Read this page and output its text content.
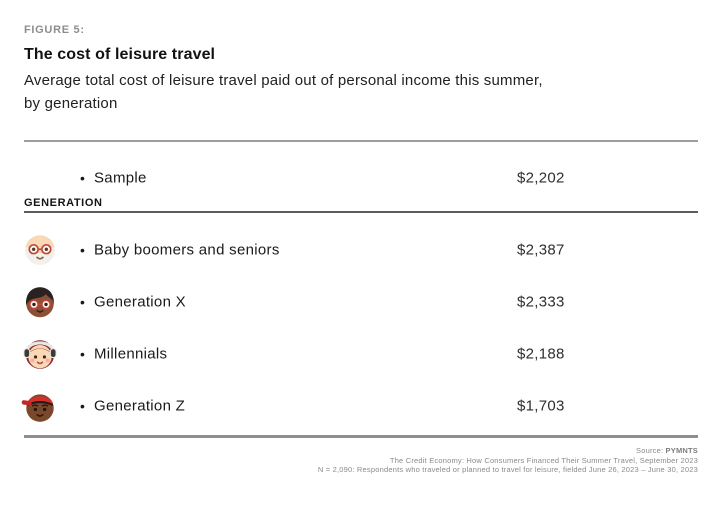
FIGURE 5:
The cost of leisure travel
Average total cost of leisure travel paid out of personal income this summer,
by generation
•
Sample	$2,202
GENERATION
•
Baby boomers and seniors	$2,387
•
Generation X	$2,333
•
Millennials	$2,188
•
Generation Z	$1,703
Source: PYMNTS
The Credit Economy: How Consumers Financed Their Summer Travel, September 2023
N = 2,090: Respondents who traveled or planned to travel for leisure, fielded June 26, 2023 – June 30, 2023
